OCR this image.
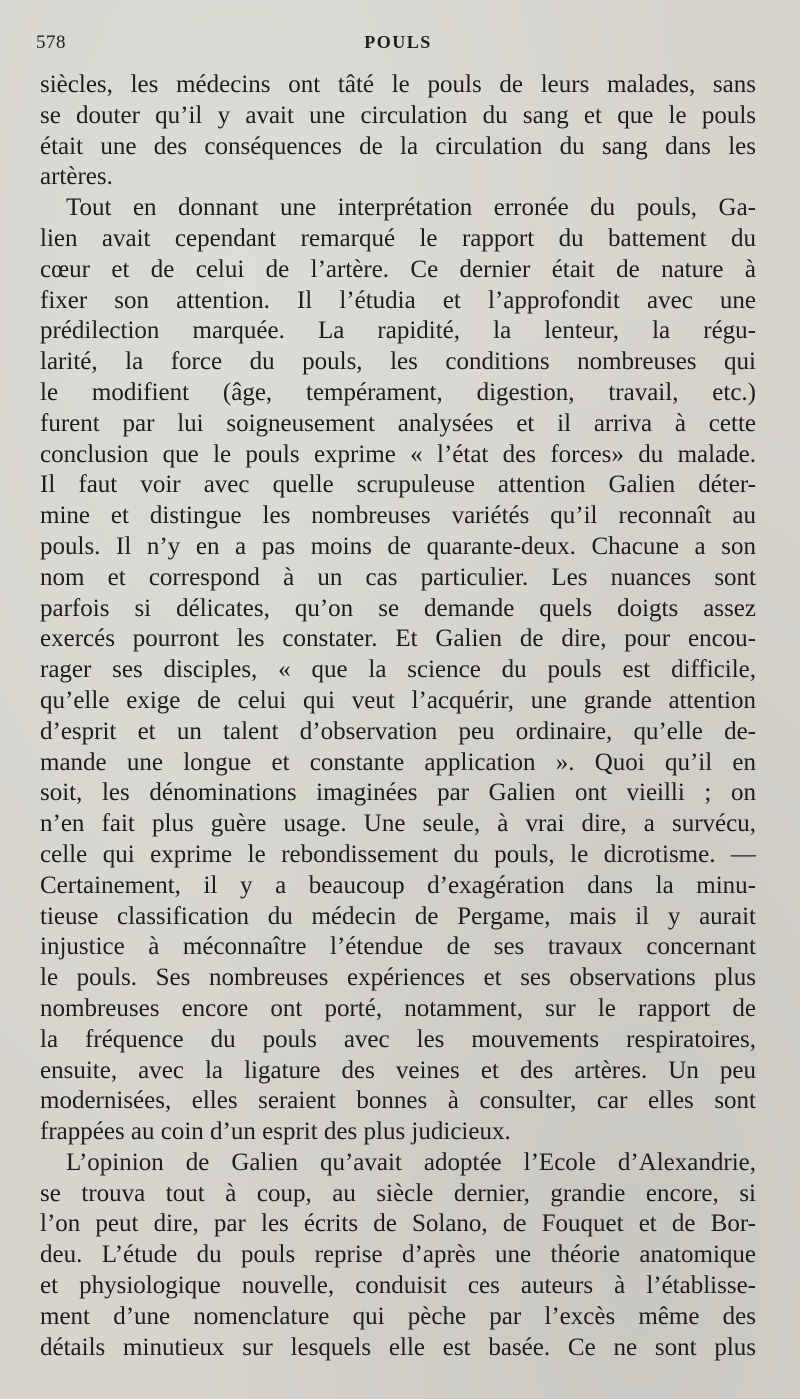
578	POULS
siècles, les médecins ont tâté le pouls de leurs malades, sans
se douter qu’il y avait une circulation du sang et que le pouls
était une des conséquences de la circulation du sang dans les
artères.
Tout en donnant une interprétation erronée du pouls, Ga-
lien avait cependant remarqué le rapport du battement du
cœur et de celui de l’artère. Ce dernier était de nature à
fixer son attention. Il l’étudia et l’approfondit avec une
prédilection marquée. La rapidité, la lenteur, la régu-
larité, la force du pouls, les conditions nombreuses qui
le modifient (âge, tempérament, digestion, travail, etc.)
furent par lui soigneusement analysées et il arriva à cette
conclusion que le pouls exprime « l’état des forces» du malade.
Il faut voir avec quelle scrupuleuse attention Galien déter-
mine et distingue les nombreuses variétés qu’il reconnaît au
pouls. Il n’y en a pas moins de quarante-deux. Chacune a son
nom et correspond à un cas particulier. Les nuances sont
parfois si délicates, qu’on se demande quels doigts assez
exercés pourront les constater. Et Galien de dire, pour encou-
rager ses disciples, « que la science du pouls est difficile,
qu’elle exige de celui qui veut l’acquérir, une grande attention
d’esprit et un talent d’observation peu ordinaire, qu’elle de-
mande une longue et constante application ». Quoi qu’il en
soit, les dénominations imaginées par Galien ont vieilli ; on
n’en fait plus guère usage. Une seule, à vrai dire, a survécu,
celle qui exprime le rebondissement du pouls, le dicrotisme. —
Certainement, il y a beaucoup d’exagération dans la minu-
tieuse classification du médecin de Pergame, mais il y aurait
injustice à méconnaître l’étendue de ses travaux concernant
le pouls. Ses nombreuses expériences et ses observations plus
nombreuses encore ont porté, notamment, sur le rapport de
la fréquence du pouls avec les mouvements respiratoires,
ensuite, avec la ligature des veines et des artères. Un peu
modernisées, elles seraient bonnes à consulter, car elles sont
frappées au coin d’un esprit des plus judicieux.
L’opinion de Galien qu’avait adoptée l’Ecole d’Alexandrie,
se trouva tout à coup, au siècle dernier, grandie encore, si
l’on peut dire, par les écrits de Solano, de Fouquet et de Bor-
deu. L’étude du pouls reprise d’après une théorie anatomique
et physiologique nouvelle, conduisit ces auteurs à l’établisse-
ment d’une nomenclature qui pèche par l’excès même des
détails minutieux sur lesquels elle est basée. Ce ne sont plus
